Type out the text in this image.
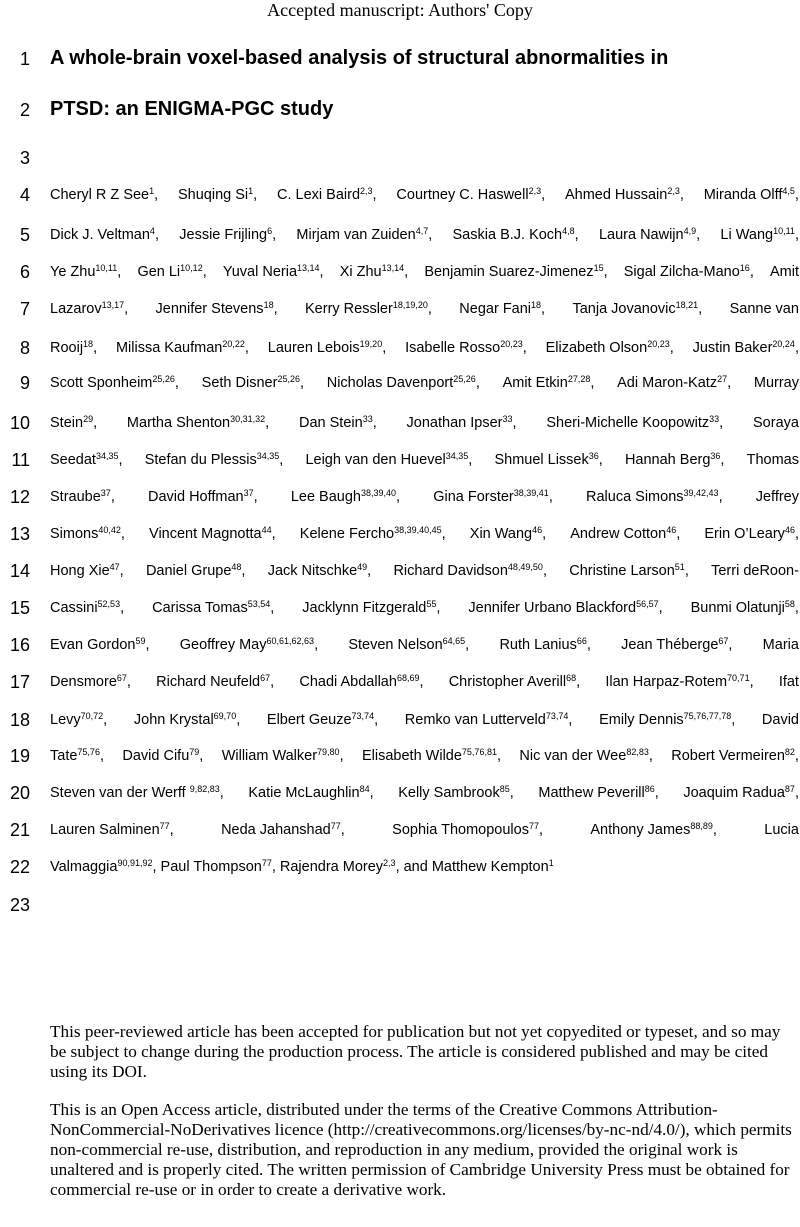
Accepted manuscript: Authors' Copy
1
2
3
4
5
6
7
8
9
10
11
12
13
14
15
16
17
18
19
20
21
22
23
A whole-brain voxel-based analysis of structural abnormalities in
PTSD: an ENIGMA-PGC study
Cheryl R Z See$^1$, Shuqing Si$^1$, C. Lexi Baird$^{2,3}$, Courtney C. Haswell$^{2,3}$, Ahmed Hussain$^{2,3}$, Miranda Olff$^{4,5}$,
Dick J. Veltman$^4$, Jessie Frijling$^6$, Mirjam van Zuiden$^{4,7}$, Saskia B.J. Koch$^{4,8}$, Laura Nawijn$^{4,9}$, Li Wang$^{10,11}$,
Ye Zhu$^{10,11}$, Gen Li$^{10,12}$, Yuval Neria$^{13,14}$, Xi Zhu$^{13,14}$, Benjamin Suarez-Jimenez$^{15}$, Sigal Zilcha-Mano$^{16}$, Amit
Lazarov$^{13,17}$, Jennifer Stevens$^{18}$, Kerry Ressler$^{18,19,20}$, Negar Fani$^{18}$, Tanja Jovanovic$^{18,21}$, Sanne van
Rooij$^{18}$, Milissa Kaufman$^{20,22}$, Lauren Lebois$^{19,20}$, Isabelle Rosso$^{20,23}$, Elizabeth Olson$^{20,23}$, Justin Baker$^{20,24}$,
Scott Sponheim$^{25,26}$, Seth Disner$^{25,26}$, Nicholas Davenport$^{25,26}$, Amit Etkin$^{27,28}$, Adi Maron-Katz$^{27}$, Murray
Stein$^{29}$, Martha Shenton$^{30,31,32}$, Dan Stein$^{33}$, Jonathan Ipser$^{33}$, Sheri-Michelle Koopowitz$^{33}$, Soraya
Seedat$^{34,35}$, Stefan du Plessis$^{34,35}$, Leigh van den Huevel$^{34,35}$, Shmuel Lissek$^{36}$, Hannah Berg$^{36}$, Thomas
Straube$^{37}$, David Hoffman$^{37}$, Lee Baugh$^{38,39,40}$, Gina Forster$^{38,39,41}$, Raluca Simons$^{39,42,43}$, Jeffrey
Simons$^{40,42}$, Vincent Magnotta$^{44}$, Kelene Fercho$^{38,39,40,45}$, Xin Wang$^{46}$, Andrew Cotton$^{46}$, Erin O’Leary$^{46}$,
Hong Xie$^{47}$, Daniel Grupe$^{48}$, Jack Nitschke$^{49}$, Richard Davidson$^{48,49,50}$, Christine Larson$^{51}$, Terri deRoon-
Cassini$^{52,53}$, Carissa Tomas$^{53,54}$, Jacklynn Fitzgerald$^{55}$, Jennifer Urbano Blackford$^{56,57}$, Bunmi Olatunji$^{58}$,
Evan Gordon$^{59}$, Geoffrey May$^{60,61,62,63}$, Steven Nelson$^{64,65}$, Ruth Lanius$^{66}$, Jean Théberge$^{67}$, Maria
Densmore$^{67}$, Richard Neufeld$^{67}$, Chadi Abdallah$^{68,69}$, Christopher Averill$^{68}$, Ilan Harpaz-Rotem$^{70,71}$, Ifat
Levy$^{70,72}$, John Krystal$^{69,70}$, Elbert Geuze$^{73,74}$, Remko van Lutterveld$^{73,74}$, Emily Dennis$^{75,76,77,78}$, David
Tate$^{75,76}$, David Cifu$^{79}$, William Walker$^{79,80}$, Elisabeth Wilde$^{75,76,81}$, Nic van der Wee$^{82,83}$, Robert Vermeiren$^{82}$,
Steven van der Werff $^{9,82,83}$, Katie McLaughlin$^{84}$, Kelly Sambrook$^{85}$, Matthew Peverill$^{86}$, Joaquim Radua$^{87}$,
Lauren Salminen$^{77}$,	Neda Jahanshad$^{77}$,	Sophia Thomopoulos$^{77}$,	Anthony James$^{88,89}$,	Lucia
Valmaggia$^{90,91,92}$, Paul Thompson$^{77}$, Rajendra Morey$^{2,3}$, and Matthew Kempton$^1$

This peer-reviewed article has been accepted for publication but not yet copyedited or typeset, and so may be subject to change during the production process. The article is considered published and may be cited using its DOI.

This is an Open Access article, distributed under the terms of the Creative Commons Attribution-NonCommercial-NoDerivatives licence (http://creativecommons.org/licenses/by-nc-nd/4.0/), which permits non-commercial re-use, distribution, and reproduction in any medium, provided the original work is unaltered and is properly cited. The written permission of Cambridge University Press must be obtained for commercial re-use or in order to create a derivative work.
